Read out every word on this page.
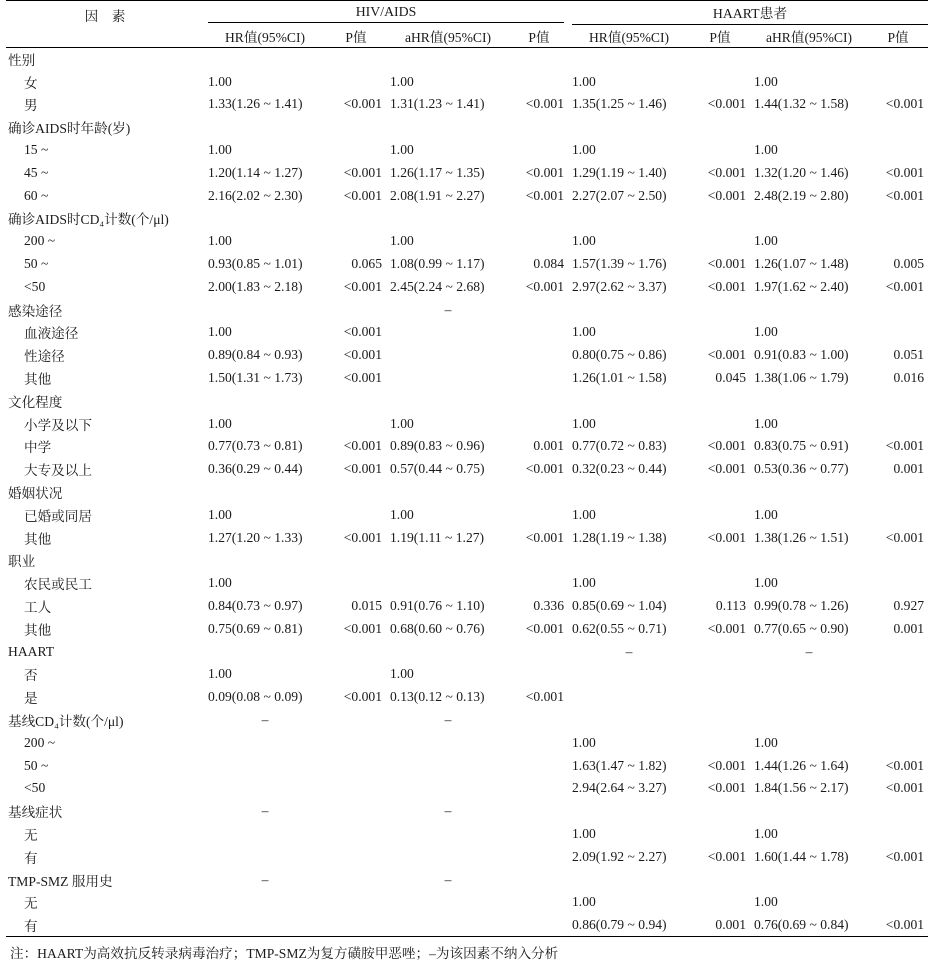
因　素	HIV/AIDS				HAART患者			

	HR值(95%CI)	P值	aHR值(95%CI)	P值	HR值(95%CI)	P值	aHR值(95%CI)	P值
性别								
女	1.00		1.00		1.00		1.00	
男	1.33(1.26 ~ 1.41)	<0.001	1.31(1.23 ~ 1.41)	<0.001	1.35(1.25 ~ 1.46)	<0.001	1.44(1.32 ~ 1.58)	<0.001
确诊AIDS时年龄(岁)								
15 ~	1.00		1.00		1.00		1.00	
45 ~	1.20(1.14 ~ 1.27)	<0.001	1.26(1.17 ~ 1.35)	<0.001	1.29(1.19 ~ 1.40)	<0.001	1.32(1.20 ~ 1.46)	<0.001
60 ~	2.16(2.02 ~ 2.30)	<0.001	2.08(1.91 ~ 2.27)	<0.001	2.27(2.07 ~ 2.50)	<0.001	2.48(2.19 ~ 2.80)	<0.001
确诊AIDS时CD₄计数(个/μl)								
200 ~	1.00		1.00		1.00		1.00	
50 ~	0.93(0.85 ~ 1.01)	0.065	1.08(0.99 ~ 1.17)	0.084	1.57(1.39 ~ 1.76)	<0.001	1.26(1.07 ~ 1.48)	0.005
<50	2.00(1.83 ~ 2.18)	<0.001	2.45(2.24 ~ 2.68)	<0.001	2.97(2.62 ~ 3.37)	<0.001	1.97(1.62 ~ 2.40)	<0.001
感染途径			–					
血液途径	1.00	<0.001			1.00		1.00	
性途径	0.89(0.84 ~ 0.93)	<0.001			0.80(0.75 ~ 0.86)	<0.001	0.91(0.83 ~ 1.00)	0.051
其他	1.50(1.31 ~ 1.73)	<0.001			1.26(1.01 ~ 1.58)	0.045	1.38(1.06 ~ 1.79)	0.016
文化程度								
小学及以下	1.00		1.00		1.00		1.00	
中学	0.77(0.73 ~ 0.81)	<0.001	0.89(0.83 ~ 0.96)	0.001	0.77(0.72 ~ 0.83)	<0.001	0.83(0.75 ~ 0.91)	<0.001
大专及以上	0.36(0.29 ~ 0.44)	<0.001	0.57(0.44 ~ 0.75)	<0.001	0.32(0.23 ~ 0.44)	<0.001	0.53(0.36 ~ 0.77)	0.001
婚姻状况								
已婚或同居	1.00		1.00		1.00		1.00	
其他	1.27(1.20 ~ 1.33)	<0.001	1.19(1.11 ~ 1.27)	<0.001	1.28(1.19 ~ 1.38)	<0.001	1.38(1.26 ~ 1.51)	<0.001
职业								
农民或民工	1.00				1.00		1.00	
工人	0.84(0.73 ~ 0.97)	0.015	0.91(0.76 ~ 1.10)	0.336	0.85(0.69 ~ 1.04)	0.113	0.99(0.78 ~ 1.26)	0.927
其他	0.75(0.69 ~ 0.81)	<0.001	0.68(0.60 ~ 0.76)	<0.001	0.62(0.55 ~ 0.71)	<0.001	0.77(0.65 ~ 0.90)	0.001
HAART					–		–	
否	1.00		1.00					
是	0.09(0.08 ~ 0.09)	<0.001	0.13(0.12 ~ 0.13)	<0.001				
基线CD₄计数(个/μl)	–		–					
200 ~					1.00		1.00	
50 ~					1.63(1.47 ~ 1.82)	<0.001	1.44(1.26 ~ 1.64)	<0.001
<50					2.94(2.64 ~ 3.27)	<0.001	1.84(1.56 ~ 2.17)	<0.001
基线症状	–		–					
无					1.00		1.00	
有					2.09(1.92 ~ 2.27)	<0.001	1.60(1.44 ~ 1.78)	<0.001
TMP-SMZ 服用史	–		–					
无					1.00		1.00	
有					0.86(0.79 ~ 0.94)	0.001	0.76(0.69 ~ 0.84)	<0.001
注：HAART为高效抗反转录病毒治疗；TMP-SMZ为复方磺胺甲恶唑；–为该因素不纳入分析
